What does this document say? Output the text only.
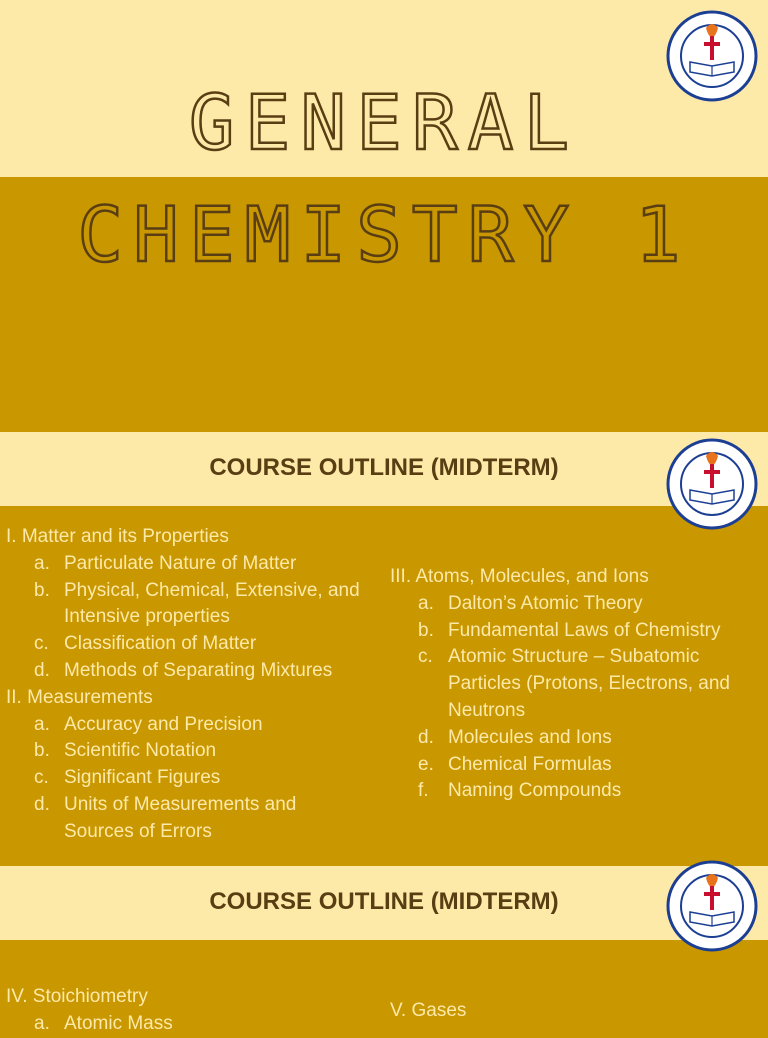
GENERAL
CHEMISTRY 1
COURSE OUTLINE (MIDTERM)
I. Matter and its Properties
a. Particulate Nature of Matter
b. Physical, Chemical, Extensive, and Intensive properties
c. Classification of Matter
d. Methods of Separating Mixtures
II. Measurements
a. Accuracy and Precision
b. Scientific Notation
c. Significant Figures
d. Units of Measurements and Sources of Errors
III. Atoms, Molecules, and Ions
a. Dalton’s Atomic Theory
b. Fundamental Laws of Chemistry
c. Atomic Structure – Subatomic Particles (Protons, Electrons, and Neutrons
d. Molecules and Ions
e. Chemical Formulas
f.	Naming Compounds
COURSE OUTLINE (MIDTERM)
IV. Stoichiometry
a. Atomic Mass
V. Gases
